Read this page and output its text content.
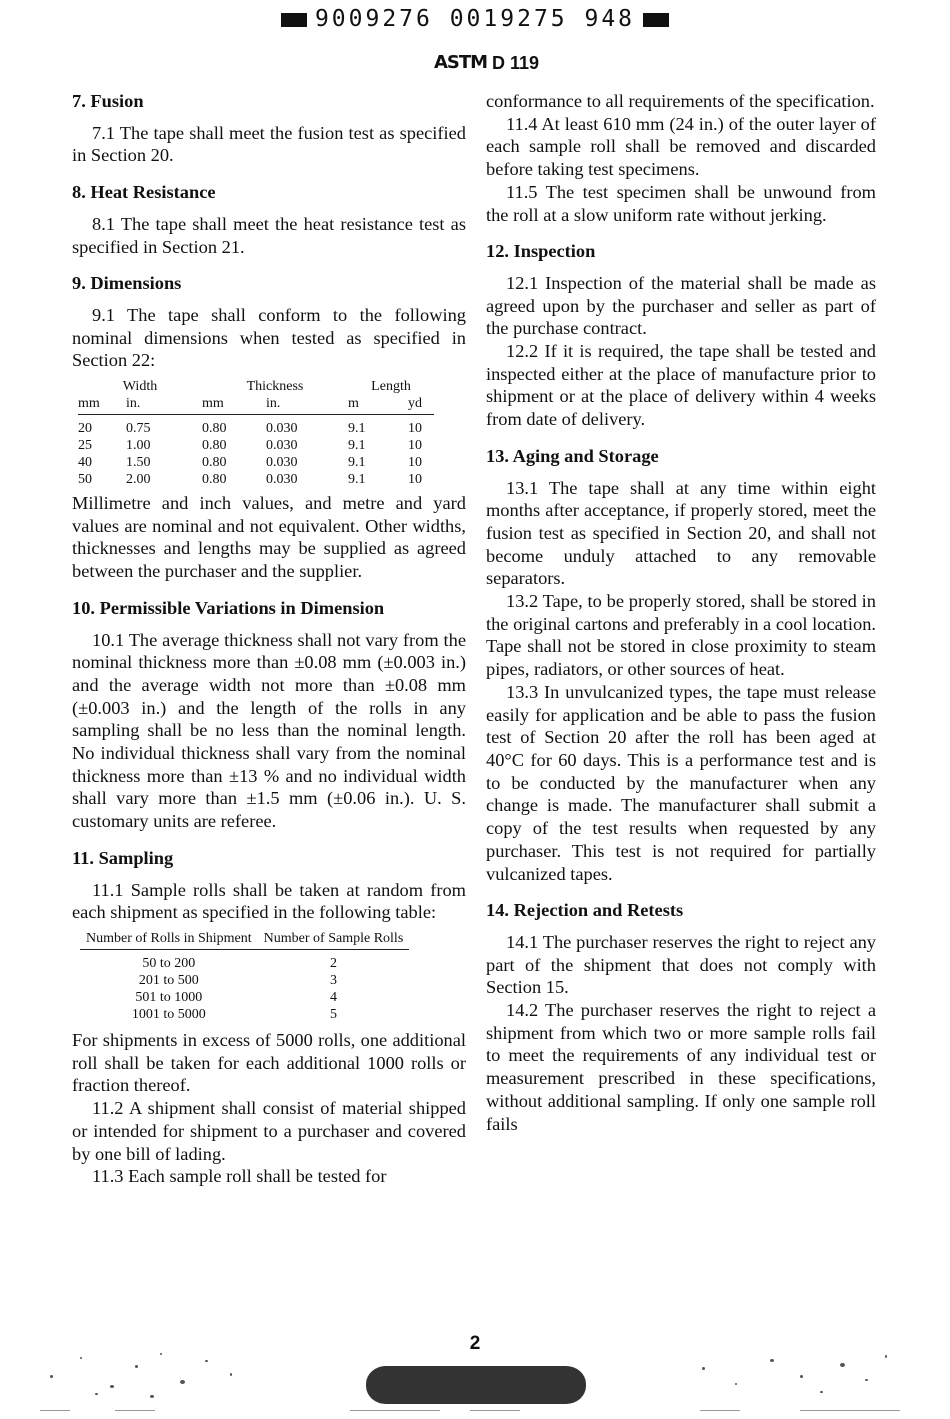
9009276 0019275 948
ASTM D 119
7. Fusion

7.1 The tape shall meet the fusion test as specified in Section 20.

8. Heat Resistance

8.1 The tape shall meet the heat resistance test as specified in Section 21.

9. Dimensions

9.1 The tape shall conform to the following nominal dimensions when tested as specified in Section 22:

Width		Thickness		Length	
mm	in.	mm	in.	m	yd
20	0.75	0.80	0.030	9.1	10
25	1.00	0.80	0.030	9.1	10
40	1.50	0.80	0.030	9.1	10
50	2.00	0.80	0.030	9.1	10

Millimetre and inch values, and metre and yard values are nominal and not equivalent. Other widths, thicknesses and lengths may be supplied as agreed between the purchaser and the supplier.

10. Permissible Variations in Dimension

10.1 The average thickness shall not vary from the nominal thickness more than ±0.08 mm (±0.003 in.) and the average width not more than ±0.08 mm (±0.003 in.) and the length of the rolls in any sampling shall be no less than the nominal length. No individual thickness shall vary from the nominal thickness more than ±13 % and no individual width shall vary more than ±1.5 mm (±0.06 in.). U. S. customary units are referee.

11. Sampling

11.1 Sample rolls shall be taken at random from each shipment as specified in the following table:

Number of Rolls in Shipment	Number of Sample Rolls
50 to 200	2
201 to 500	3
501 to 1000	4
1001 to 5000	5

For shipments in excess of 5000 rolls, one additional roll shall be taken for each additional 1000 rolls or fraction thereof.

11.2 A shipment shall consist of material shipped or intended for shipment to a purchaser and covered by one bill of lading.

11.3 Each sample roll shall be tested for

conformance to all requirements of the specification.

11.4 At least 610 mm (24 in.) of the outer layer of each sample roll shall be removed and discarded before taking test specimens.

11.5 The test specimen shall be unwound from the roll at a slow uniform rate without jerking.

12. Inspection

12.1 Inspection of the material shall be made as agreed upon by the purchaser and seller as part of the purchase contract.

12.2 If it is required, the tape shall be tested and inspected either at the place of manufacture prior to shipment or at the place of delivery within 4 weeks from date of delivery.

13. Aging and Storage

13.1 The tape shall at any time within eight months after acceptance, if properly stored, meet the fusion test as specified in Section 20, and shall not become unduly attached to any removable separators.

13.2 Tape, to be properly stored, shall be stored in the original cartons and preferably in a cool location. Tape shall not be stored in close proximity to steam pipes, radiators, or other sources of heat.

13.3 In unvulcanized types, the tape must release easily for application and be able to pass the fusion test of Section 20 after the roll has been aged at 40°C for 60 days. This is a performance test and is to be conducted by the manufacturer when any change is made. The manufacturer shall submit a copy of the test results when requested by any purchaser. This test is not required for partially vulcanized tapes.

14. Rejection and Retests

14.1 The purchaser reserves the right to reject any part of the shipment that does not comply with Section 15.

14.2 The purchaser reserves the right to reject a shipment from which two or more sample rolls fail to meet the requirements of any individual test or measurement prescribed in these specifications, without additional sampling. If only one sample roll fails

2
